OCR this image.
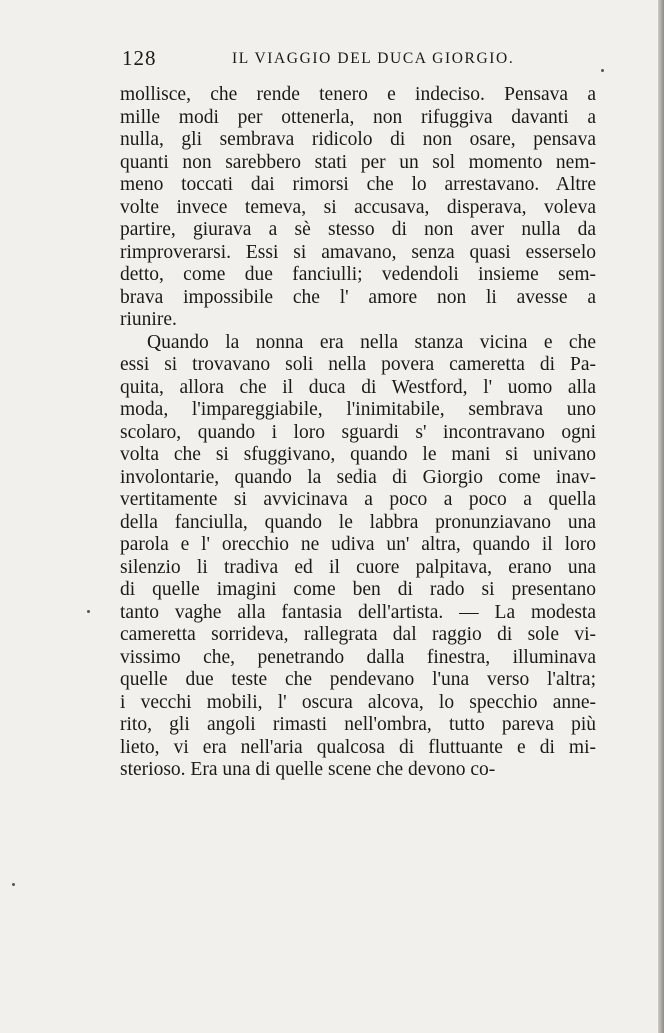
128	IL VIAGGIO DEL DUCA GIORGIO.
mollisce, che rende tenero e indeciso. Pensava a
mille modi per ottenerla, non rifuggiva davanti a
nulla, gli sembrava ridicolo di non osare, pensava
quanti non sarebbero stati per un sol momento nem-
meno toccati dai rimorsi che lo arrestavano. Altre
volte invece temeva, si accusava, disperava, voleva
partire, giurava a sè stesso di non aver nulla da
rimproverarsi. Essi si amavano, senza quasi esserselo
detto, come due fanciulli; vedendoli insieme sem-
brava impossibile che l' amore non li avesse a
riunire.
Quando la nonna era nella stanza vicina e che
essi si trovavano soli nella povera cameretta di Pa-
quita, allora che il duca di Westford, l' uomo alla
moda, l'impareggiabile, l'inimitabile, sembrava uno
scolaro, quando i loro sguardi s' incontravano ogni
volta che si sfuggivano, quando le mani si univano
involontarie, quando la sedia di Giorgio come inav-
vertitamente si avvicinava a poco a poco a quella
della fanciulla, quando le labbra pronunziavano una
parola e l' orecchio ne udiva un' altra, quando il loro
silenzio li tradiva ed il cuore palpitava, erano una
di quelle imagini come ben di rado si presentano
tanto vaghe alla fantasia dell'artista. — La modesta
cameretta sorrideva, rallegrata dal raggio di sole vi-
vissimo che, penetrando dalla finestra, illuminava
quelle due teste che pendevano l'una verso l'altra;
i vecchi mobili, l' oscura alcova, lo specchio anne-
rito, gli angoli rimasti nell'ombra, tutto pareva più
lieto, vi era nell'aria qualcosa di fluttuante e di mi-
sterioso. Era una di quelle scene che devono co-
